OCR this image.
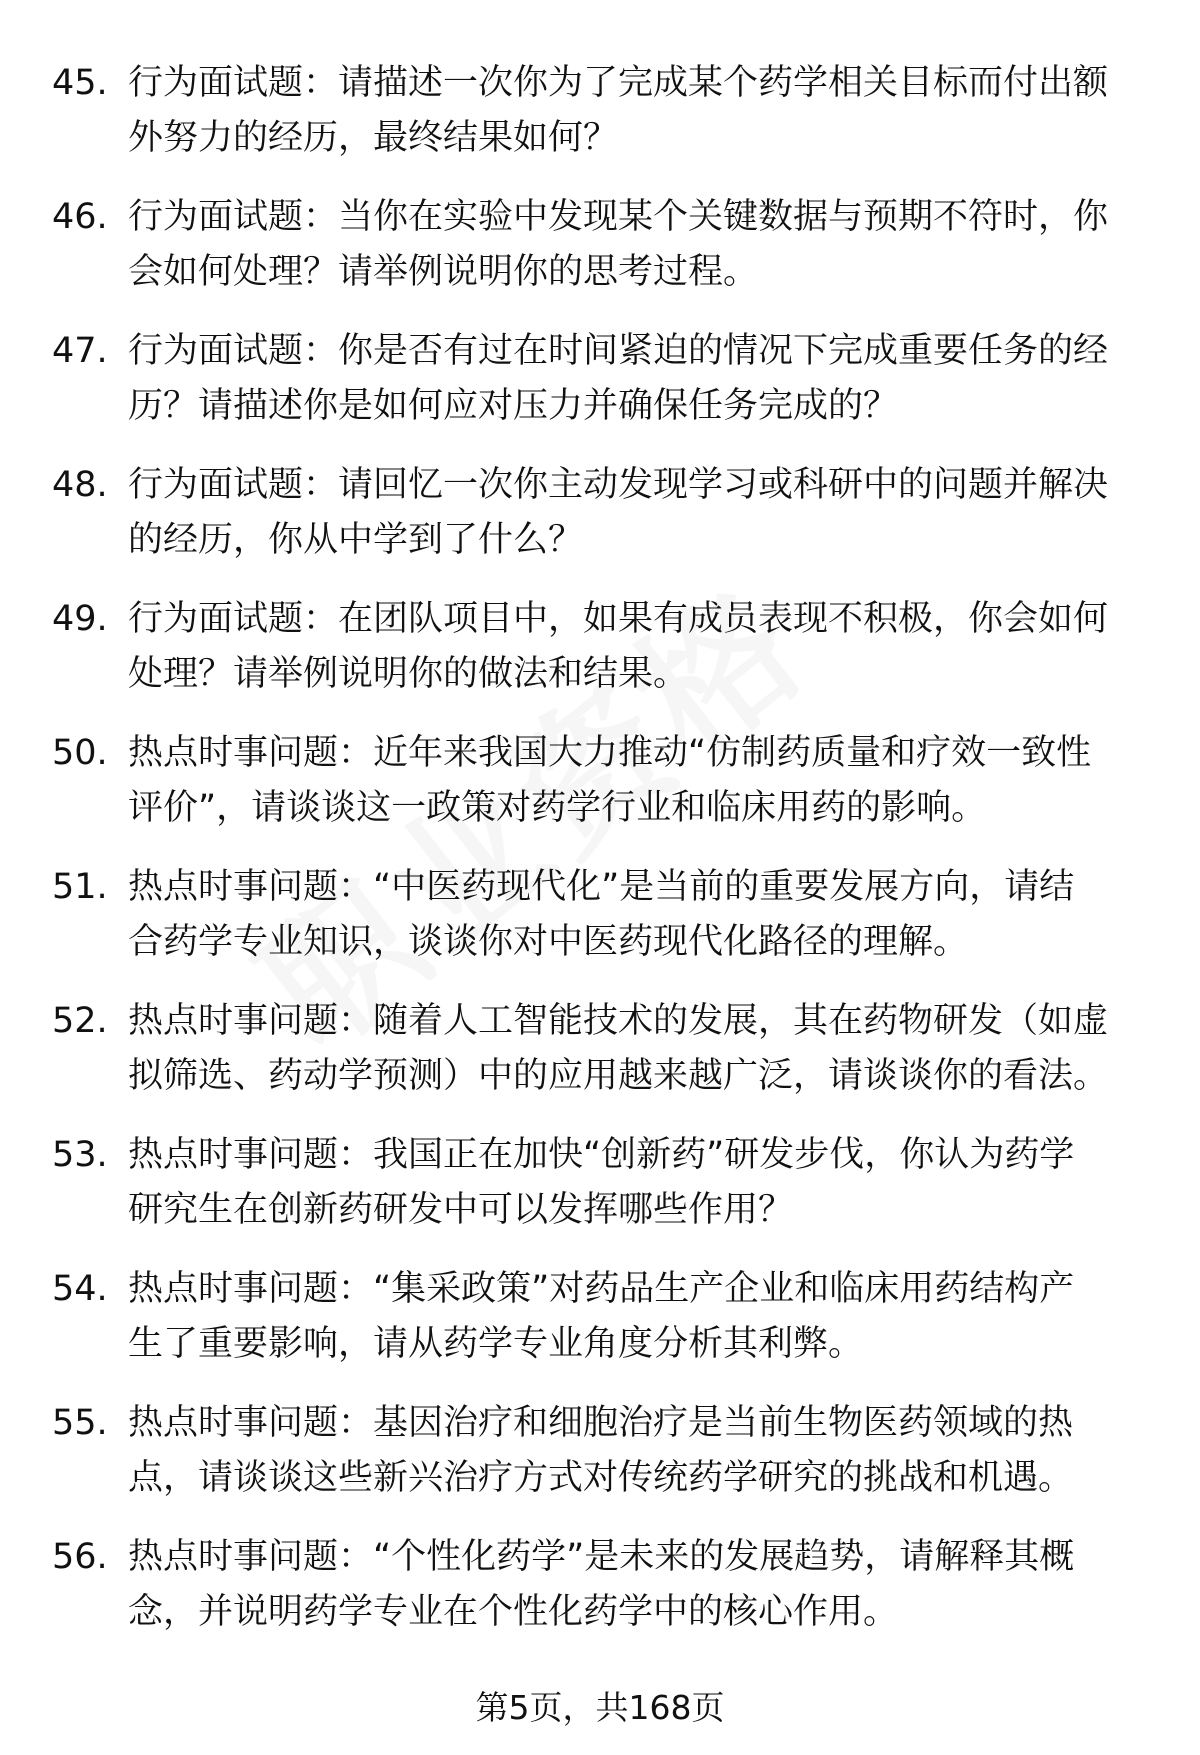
45. 行为面试题：请描述一次你为了完成某个药学相关目标而付出额
外努力的经历，最终结果如何？
46. 行为面试题：当你在实验中发现某个关键数据与预期不符时，你
会如何处理？请举例说明你的思考过程。
47. 行为面试题：你是否有过在时间紧迫的情况下完成重要任务的经
历？请描述你是如何应对压力并确保任务完成的？
48. 行为面试题：请回忆一次你主动发现学习或科研中的问题并解决
的经历，你从中学到了什么？
49. 行为面试题：在团队项目中，如果有成员表现不积极，你会如何
处理？请举例说明你的做法和结果。
50. 热点时事问题：近年来我国大力推动“仿制药质量和疗效一致性
评价”，请谈谈这一政策对药学行业和临床用药的影响。
51. 热点时事问题：“中医药现代化”是当前的重要发展方向，请结
合药学专业知识，谈谈你对中医药现代化路径的理解。
52. 热点时事问题：随着人工智能技术的发展，其在药物研发（如虚
拟筛选、药动学预测）中的应用越来越广泛，请谈谈你的看法。
53. 热点时事问题：我国正在加快“创新药”研发步伐，你认为药学
研究生在创新药研发中可以发挥哪些作用？
54. 热点时事问题：“集采政策”对药品生产企业和临床用药结构产
生了重要影响，请从药学专业角度分析其利弊。
55. 热点时事问题：基因治疗和细胞治疗是当前生物医药领域的热
点，请谈谈这些新兴治疗方式对传统药学研究的挑战和机遇。
56. 热点时事问题：“个性化药学”是未来的发展趋势，请解释其概
念，并说明药学专业在个性化药学中的核心作用。
第5页，共168页
